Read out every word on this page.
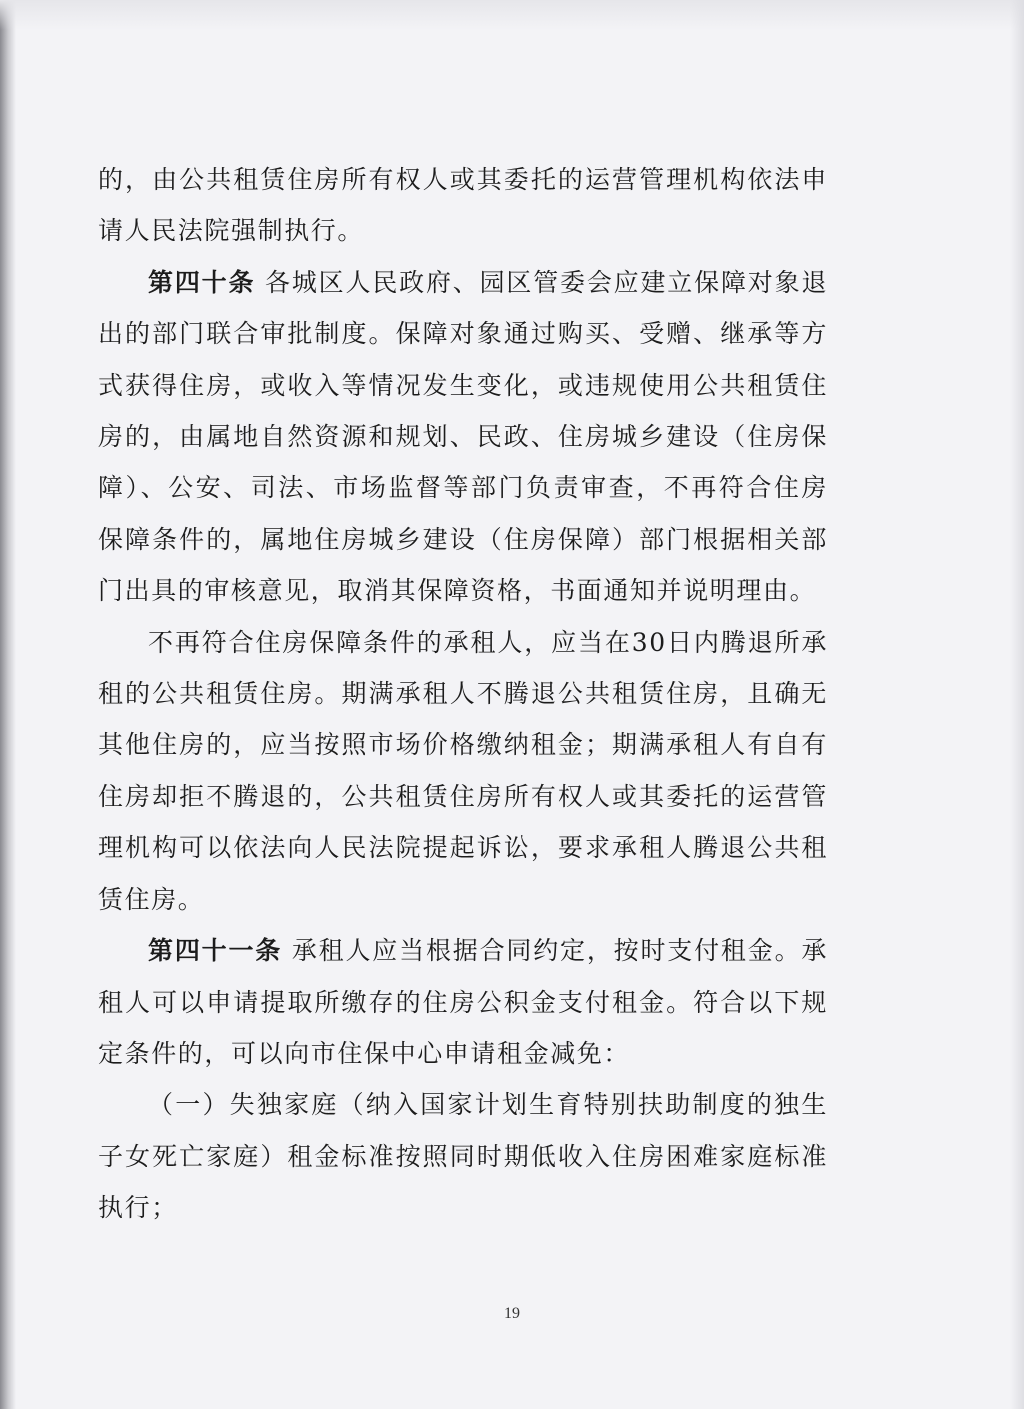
的，由公共租赁住房所有权人或其委托的运营管理机构依法申请人民法院强制执行。

第四十条 各城区人民政府、园区管委会应建立保障对象退出的部门联合审批制度。保障对象通过购买、受赠、继承等方式获得住房，或收入等情况发生变化，或违规使用公共租赁住房的，由属地自然资源和规划、民政、住房城乡建设（住房保障）、公安、司法、市场监督等部门负责审查，不再符合住房保障条件的，属地住房城乡建设（住房保障）部门根据相关部门出具的审核意见，取消其保障资格，书面通知并说明理由。

不再符合住房保障条件的承租人，应当在30日内腾退所承租的公共租赁住房。期满承租人不腾退公共租赁住房，且确无其他住房的，应当按照市场价格缴纳租金；期满承租人有自有住房却拒不腾退的，公共租赁住房所有权人或其委托的运营管理机构可以依法向人民法院提起诉讼，要求承租人腾退公共租赁住房。

第四十一条 承租人应当根据合同约定，按时支付租金。承租人可以申请提取所缴存的住房公积金支付租金。符合以下规定条件的，可以向市住保中心申请租金减免：

（一）失独家庭（纳入国家计划生育特别扶助制度的独生子女死亡家庭）租金标准按照同时期低收入住房困难家庭标准执行；

19
